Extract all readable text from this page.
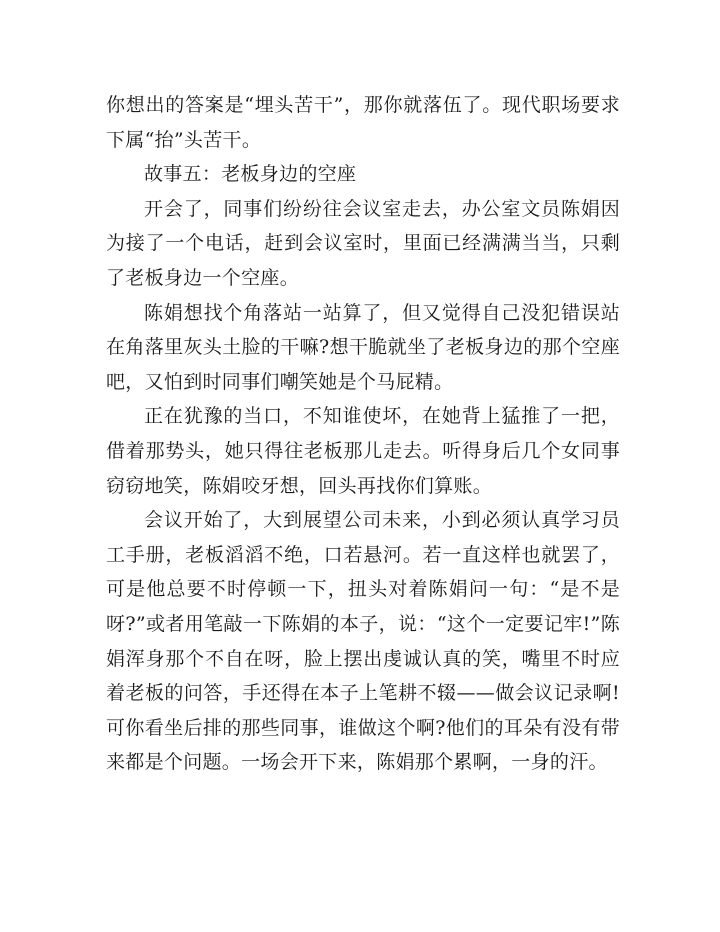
你想出的答案是“埋头苦干”，那你就落伍了。现代职场要求下属“抬”头苦干。

故事五：老板身边的空座

开会了，同事们纷纷往会议室走去，办公室文员陈娟因为接了一个电话，赶到会议室时，里面已经满满当当，只剩了老板身边一个空座。

陈娟想找个角落站一站算了，但又觉得自己没犯错误站在角落里灰头土脸的干嘛?想干脆就坐了老板身边的那个空座吧，又怕到时同事们嘲笑她是个马屁精。

正在犹豫的当口，不知谁使坏，在她背上猛推了一把，借着那势头，她只得往老板那儿走去。听得身后几个女同事窃窃地笑，陈娟咬牙想，回头再找你们算账。

会议开始了，大到展望公司未来，小到必须认真学习员工手册，老板滔滔不绝，口若悬河。若一直这样也就罢了，可是他总要不时停顿一下，扭头对着陈娟问一句：“是不是呀?”或者用笔敲一下陈娟的本子，说：“这个一定要记牢!”陈娟浑身那个不自在呀，脸上摆出虔诚认真的笑，嘴里不时应着老板的问答，手还得在本子上笔耕不辍——做会议记录啊!可你看坐后排的那些同事，谁做这个啊?他们的耳朵有没有带来都是个问题。一场会开下来，陈娟那个累啊，一身的汗。
